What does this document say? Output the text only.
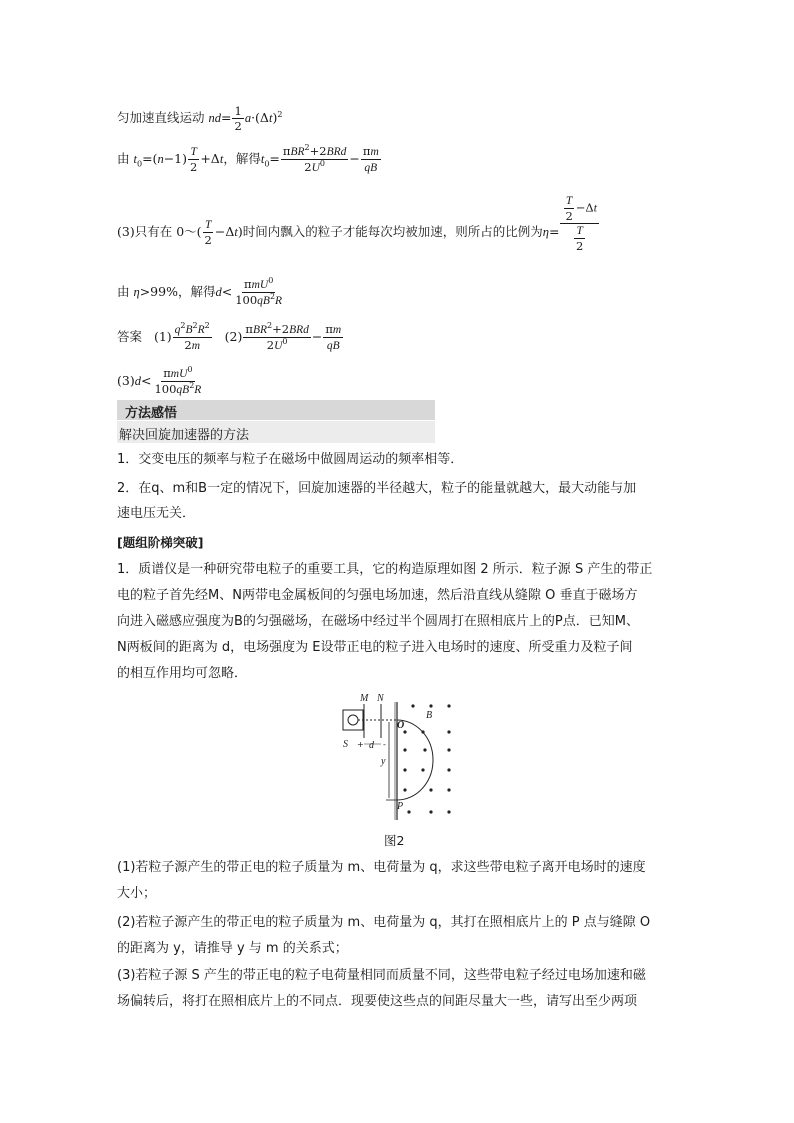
匀加速直线运动 $nd= \frac{1}{2} a\cdot(\Delta t)^2$
由 $t_0=(n-1) \frac{T}{2} +\Delta t$，解得$t_0= \pi BR^2+2BRd$
$2U^0 - \frac{\pi m}{qB}$
(3)只有在 0～( $\frac{T}{2} -\Delta t$)时间内飘入的粒子才能每次均被加速，则所占的比例为$\eta= \frac{\frac{T}{2} -\Delta t}{\frac{T}{2}}$
由 η>99%，解得d< πmU$^0$
$100qB^2R$
答案 $(1) \frac{q^2B^2R^2}{2m} (2)$ πBR$^2$+2BRd
$2U^0 - \frac{\pi m}{qB}$
(3)d< πmU$^0$
$100qB^2R$
方法感悟
解决回旋加速器的方法
1．交变电压的频率与粒子在磁场中做圆周运动的频率相等．
2．在q、m和B一定的情况下，回旋加速器的半径越大，粒子的能量就越大，最大动能与加
速电压无关．
[题组阶梯突破]
1．质谱仪是一种研究带电粒子的重要工具，它的构造原理如图 2 所示．粒子源 S 产生的带正
电的粒子首先经M、N两带电金属板间的匀强电场加速，然后沿直线从缝隙 O 垂直于磁场方
向进入磁感应强度为B的匀强磁场，在磁场中经过半个圆周打在照相底片上的P点．已知M、
N两板间的距离为 d，电场强度为 E设带正电的粒子进入电场时的速度、所受重力及粒子间
的相互作用均可忽略．
M N
O
B
S d
y
P
+ -
图2
(1)若粒子源产生的带正电的粒子质量为 m、电荷量为 q，求这些带电粒子离开电场时的速度
大小；
(2)若粒子源产生的带正电的粒子质量为 m、电荷量为 q，其打在照相底片上的 P 点与缝隙 O
的距离为 y，请推导 y 与 m 的关系式；
(3)若粒子源 S 产生的带正电的粒子电荷量相同而质量不同，这些带电粒子经过电场加速和磁
场偏转后，将打在照相底片上的不同点．现要使这些点的间距尽量大一些，请写出至少两项
